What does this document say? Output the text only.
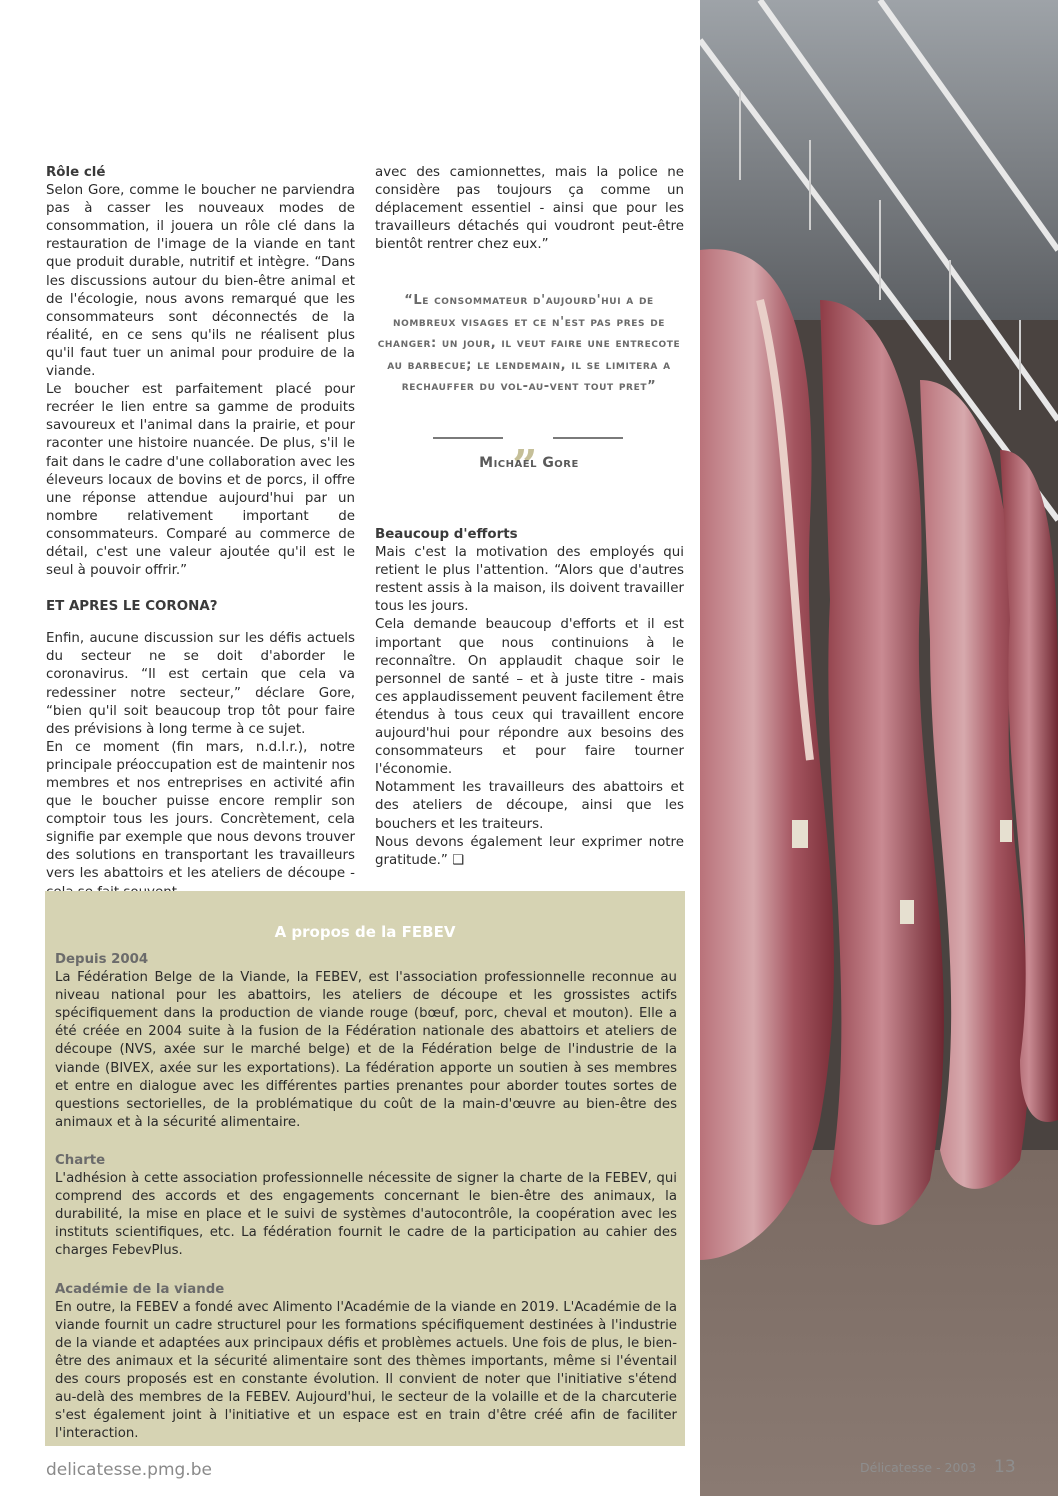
Rôle clé

Selon Gore, comme le boucher ne parviendra pas à casser les nouveaux modes de consommation, il jouera un rôle clé dans la restauration de l'image de la viande en tant que produit durable, nutritif et intègre. “Dans les discussions autour du bien-être animal et de l'écologie, nous avons remarqué que les consommateurs sont déconnectés de la réalité, en ce sens qu'ils ne réalisent plus qu'il faut tuer un animal pour produire de la viande.

Le boucher est parfaitement placé pour recréer le lien entre sa gamme de produits savoureux et l'animal dans la prairie, et pour raconter une histoire nuancée. De plus, s'il le fait dans le cadre d'une collaboration avec les éleveurs locaux de bovins et de porcs, il offre une réponse attendue aujourd'hui par un nombre relativement important de consommateurs. Comparé au commerce de détail, c'est une valeur ajoutée qu'il est le seul à pouvoir offrir.”

ET APRES LE CORONA?

Enfin, aucune discussion sur les défis actuels du secteur ne se doit d'aborder le coronavirus. “Il est certain que cela va redessiner notre secteur,” déclare Gore, “bien qu'il soit beaucoup trop tôt pour faire des prévisions à long terme à ce sujet.

En ce moment (fin mars, n.d.l.r.), notre principale préoccupation est de maintenir nos membres et nos entreprises en activité afin que le boucher puisse encore remplir son comptoir tous les jours. Concrètement, cela signifie par exemple que nous devons trouver des solutions en transportant les travailleurs vers les abattoirs et les ateliers de découpe -

avec des camionnettes, mais la police ne considère pas toujours ça comme un déplacement essentiel - ainsi que pour les travailleurs détachés qui voudront peut-être bientôt rentrer chez eux.”

“Le consommateur d'aujourd'hui a de nombreux visages et ce n'est pas pres de changer: un jour, il veut faire une entrecote au barbecue; le lendemain, il se limitera a rechauffer du vol-au-vent tout pret”
„
Michael Gore

Beaucoup d'efforts

Mais c'est la motivation des employés qui retient le plus l'attention. “Alors que d'autres restent assis à la maison, ils doivent travailler tous les jours.

Cela demande beaucoup d'efforts et il est important que nous continuions à le reconnaître. On applaudit chaque soir le personnel de santé – et à juste titre - mais ces applaudissement peuvent facilement être étendus à tous ceux qui travaillent encore aujourd'hui pour répondre aux besoins des consommateurs et pour faire tourner l'économie.

Notamment les travailleurs des abattoirs et des ateliers de découpe, ainsi que les bouchers et les traiteurs.

Nous devons également leur exprimer notre gratitude.” ❑

A propos de la FEBEV

Depuis 2004

La Fédération Belge de la Viande, la FEBEV, est l'association professionnelle reconnue au niveau national pour les abattoirs, les ateliers de découpe et les grossistes actifs spécifiquement dans la production de viande rouge (bœuf, porc, cheval et mouton). Elle a été créée en 2004 suite à la fusion de la Fédération nationale des abattoirs et ateliers de découpe (NVS, axée sur le marché belge) et de la Fédération belge de l'industrie de la viande (BIVEX, axée sur les exportations). La fédération apporte un soutien à ses membres et entre en dialogue avec les différentes parties prenantes pour aborder toutes sortes de questions sectorielles, de la problématique du coût de la main-d'œuvre au bien-être des animaux et à la sécurité alimentaire.

Charte

L'adhésion à cette association professionnelle nécessite de signer la charte de la FEBEV, qui comprend des accords et des engagements concernant le bien-être des animaux, la durabilité, la mise en place et le suivi de systèmes d'autocontrôle, la coopération avec les instituts scientifiques, etc. La fédération fournit le cadre de la participation au cahier des charges FebevPlus.

Académie de la viande

En outre, la FEBEV a fondé avec Alimento l'Académie de la viande en 2019. L'Académie de la viande fournit un cadre structurel pour les formations spécifiquement destinées à l'industrie de la viande et adaptées aux principaux défis et problèmes actuels. Une fois de plus, le bien-être des animaux et la sécurité alimentaire sont des thèmes importants, même si l'éventail des cours proposés est en constante évolution. Il convient de noter que l'initiative s'étend au-delà des membres de la FEBEV. Aujourd'hui, le secteur de la volaille et de la charcuterie s'est également joint à l'initiative et un espace est en train d'être créé afin de faciliter l'interaction.

delicatesse.pmg.be	Délicatesse - 2003 13
